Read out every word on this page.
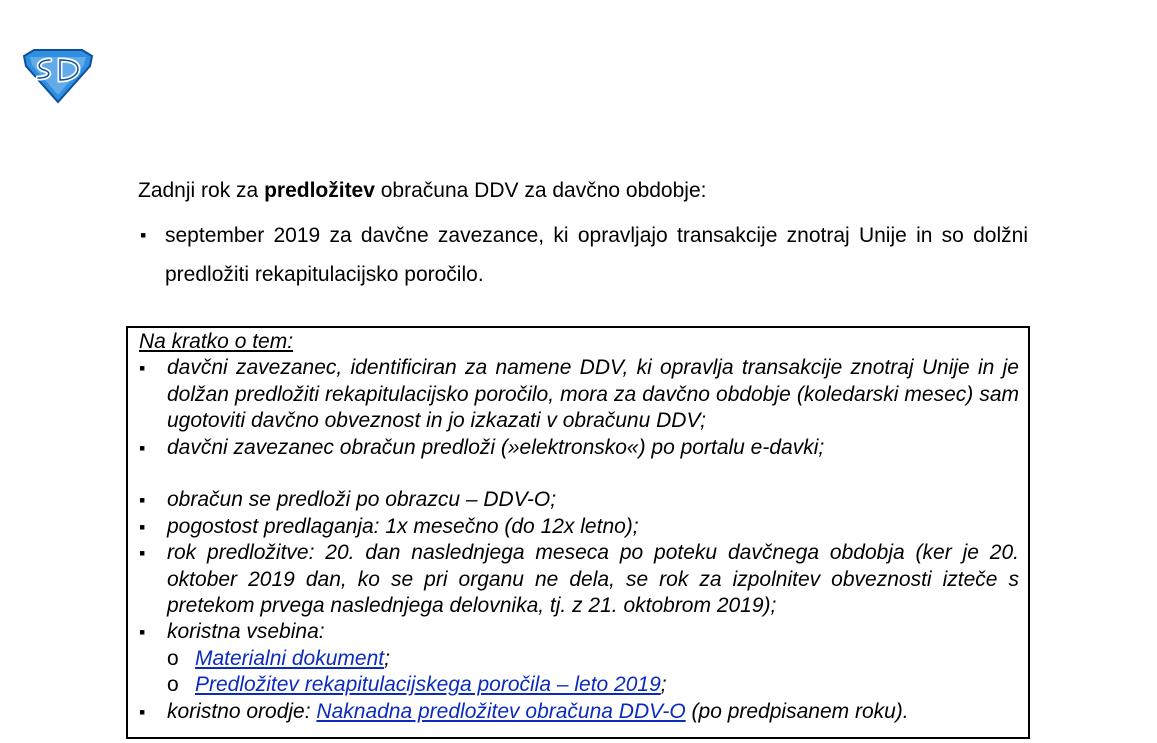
Zadnji rok za predložitev obračuna DDV za davčno obdobje:

▪ september 2019 za davčne zavezance, ki opravljajo transakcije znotraj Unije in so dolžni predložiti rekapitulacijsko poročilo.

Na kratko o tem:

▪ davčni zavezanec, identificiran za namene DDV, ki opravlja transakcije znotraj Unije in je dolžan predložiti rekapitulacijsko poročilo, mora za davčno obdobje (koledarski mesec) sam ugotoviti davčno obveznost in jo izkazati v obračunu DDV;
▪ davčni zavezanec obračun predloži (»elektronsko«) po portalu e-davki;
▪ obračun se predloži po obrazcu – DDV-O;
▪ pogostost predlaganja: 1x mesečno (do 12x letno);
▪ rok predložitve: 20. dan naslednjega meseca po poteku davčnega obdobja (ker je 20. oktober 2019 dan, ko se pri organu ne dela, se rok za izpolnitev obveznosti izteče s pretekom prvega naslednjega delovnika, tj. z 21. oktobrom 2019);
▪ koristna vsebina:
o Materialni dokument;
o Predložitev rekapitulacijskega poročila – leto 2019;
▪ koristno orodje: Naknadna predložitev obračuna DDV-O (po predpisanem roku).
